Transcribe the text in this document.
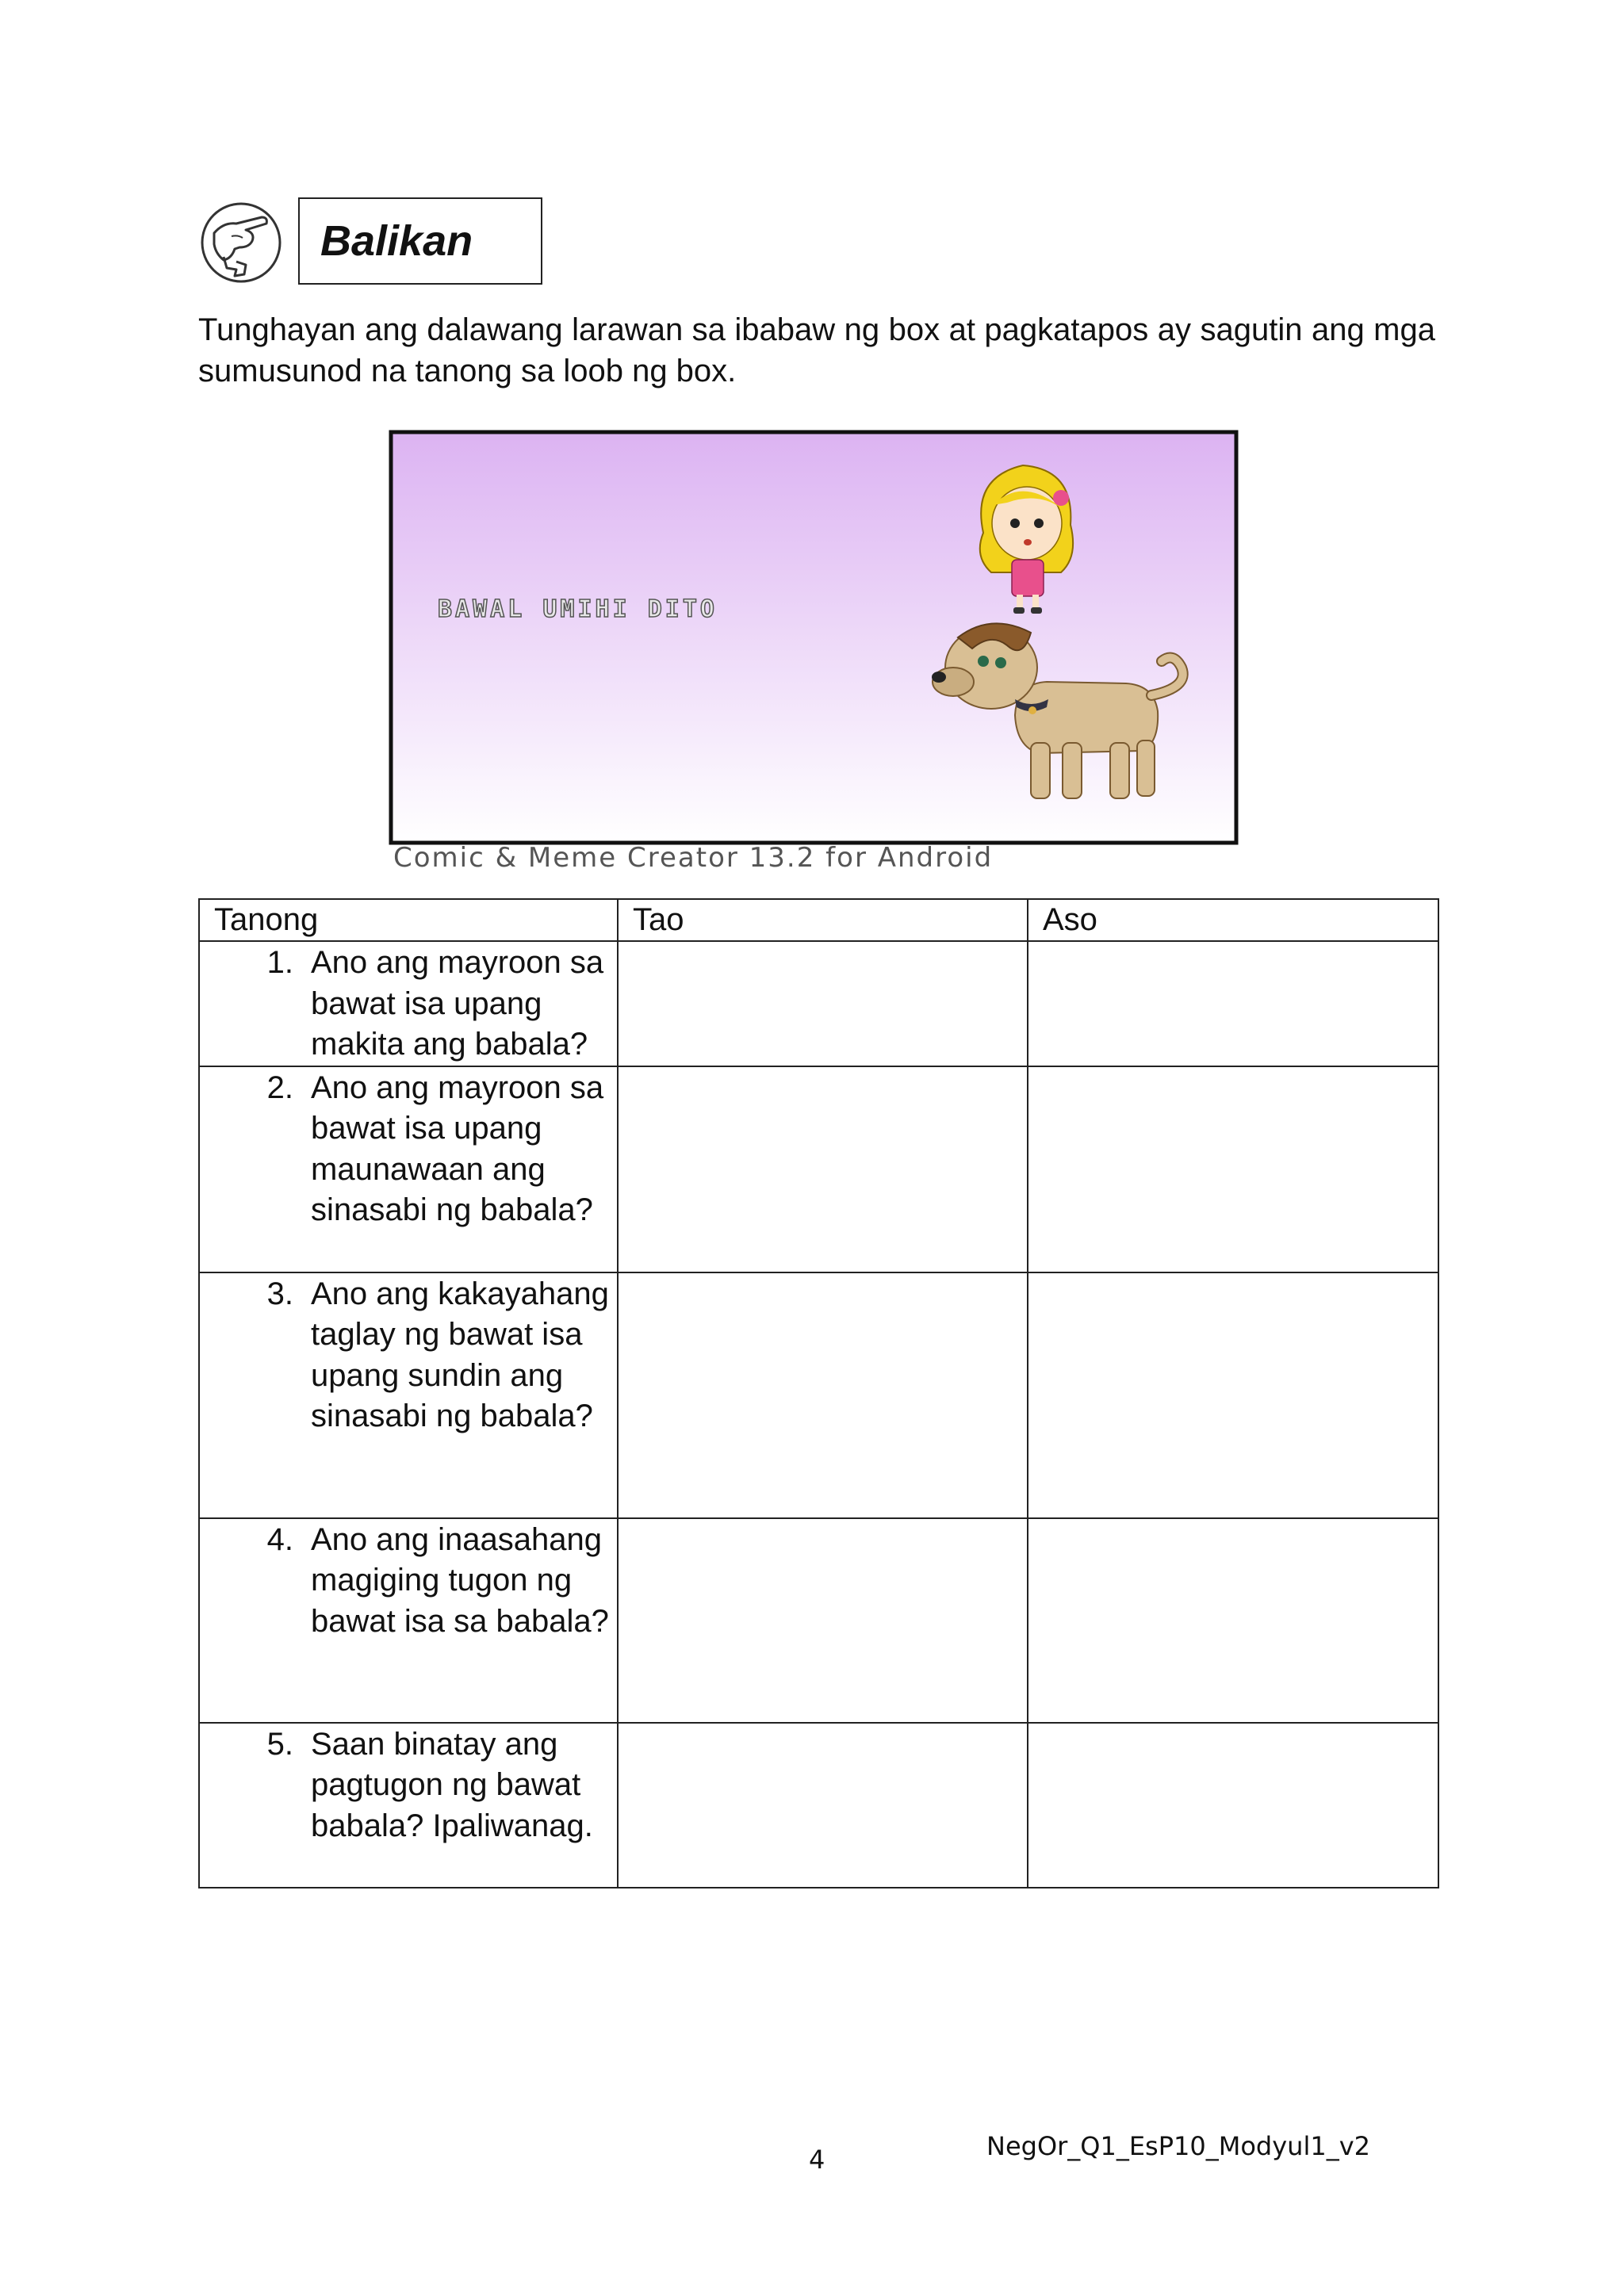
Balikan
Tunghayan ang dalawang larawan sa ibabaw ng box at pagkatapos ay sagutin ang mga sumusunod na tanong sa loob ng box.
BAWAL UMIHI DITO
Comic & Meme Creator 13.2 for Android
Tanong	Tao	Aso

1. Ano ang mayroon sa bawat isa upang makita ang babala?		

2. Ano ang mayroon sa bawat isa upang maunawaan ang sinasabi ng babala?		

3. Ano ang kakayahang taglay ng bawat isa upang sundin ang sinasabi ng babala?		

4. Ano ang inaasahang magiging tugon ng bawat isa sa babala?		

5. Saan binatay ang pagtugon ng bawat babala? Ipaliwanag.		

4	NegOr_Q1_EsP10_Modyul1_v2
